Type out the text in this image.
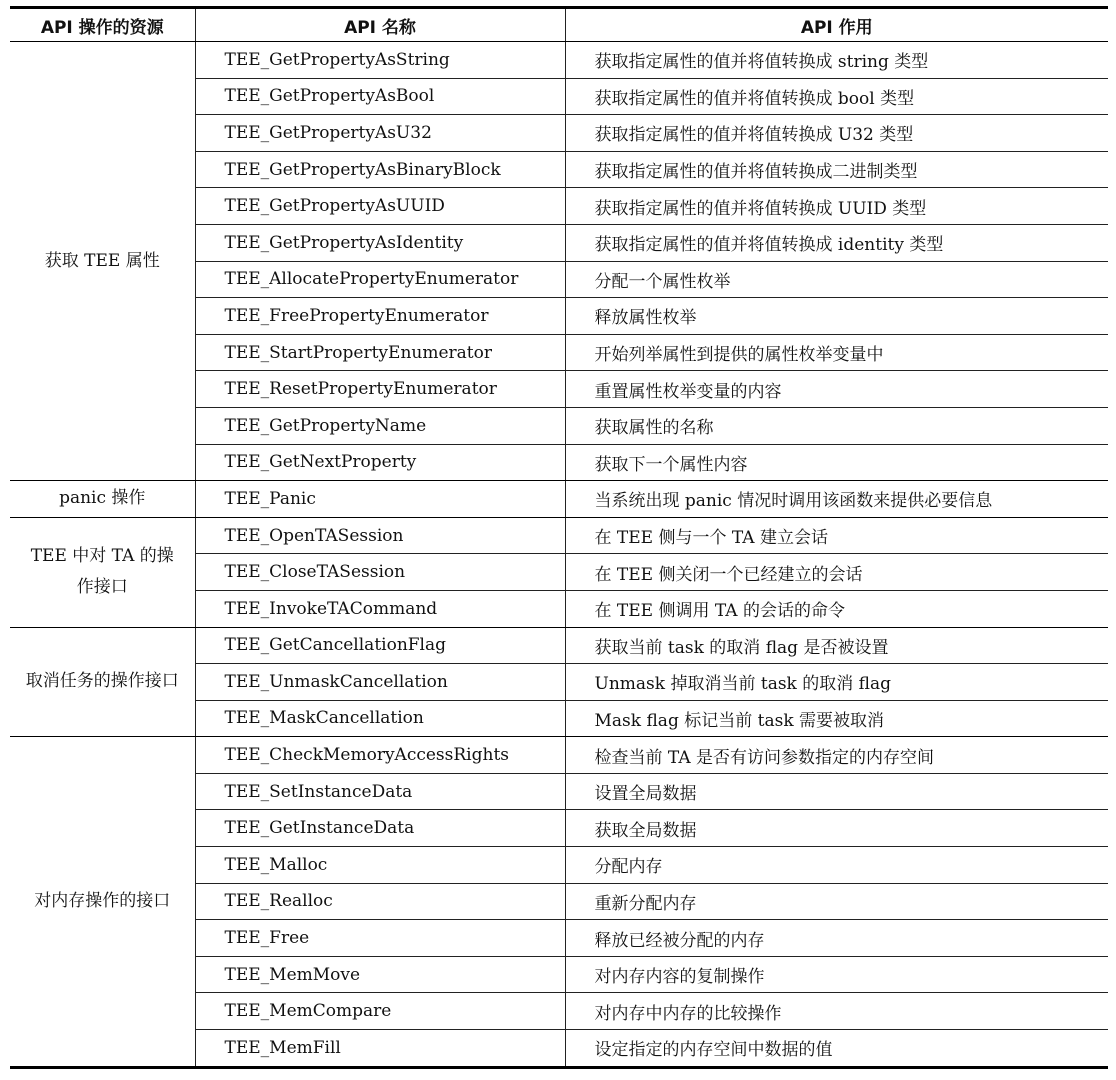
API 操作的资源	API 名称	API 作用
获取 TEE 属性	TEE_GetPropertyAsString	获取指定属性的值并将值转换成 string 类型
	TEE_GetPropertyAsBool	获取指定属性的值并将值转换成 bool 类型
	TEE_GetPropertyAsU32	获取指定属性的值并将值转换成 U32 类型
	TEE_GetPropertyAsBinaryBlock	获取指定属性的值并将值转换成二进制类型
	TEE_GetPropertyAsUUID	获取指定属性的值并将值转换成 UUID 类型
	TEE_GetPropertyAsIdentity	获取指定属性的值并将值转换成 identity 类型
	TEE_AllocatePropertyEnumerator	分配一个属性枚举
	TEE_FreePropertyEnumerator	释放属性枚举
	TEE_StartPropertyEnumerator	开始列举属性到提供的属性枚举变量中
	TEE_ResetPropertyEnumerator	重置属性枚举变量的内容
	TEE_GetPropertyName	获取属性的名称
	TEE_GetNextProperty	获取下一个属性内容
panic 操作	TEE_Panic	当系统出现 panic 情况时调用该函数来提供必要信息
TEE 中对 TA 的操作接口	TEE_OpenTASession	在 TEE 侧与一个 TA 建立会话
	TEE_CloseTASession	在 TEE 侧关闭一个已经建立的会话
	TEE_InvokeTACommand	在 TEE 侧调用 TA 的会话的命令
取消任务的操作接口	TEE_GetCancellationFlag	获取当前 task 的取消 flag 是否被设置
	TEE_UnmaskCancellation	Unmask 掉取消当前 task 的取消 flag
	TEE_MaskCancellation	Mask flag 标记当前 task 需要被取消
对内存操作的接口	TEE_CheckMemoryAccessRights	检查当前 TA 是否有访问参数指定的内存空间
	TEE_SetInstanceData	设置全局数据
	TEE_GetInstanceData	获取全局数据
	TEE_Malloc	分配内存
	TEE_Realloc	重新分配内存
	TEE_Free	释放已经被分配的内存
	TEE_MemMove	对内存内容的复制操作
	TEE_MemCompare	对内存中内存的比较操作
	TEE_MemFill	设定指定的内存空间中数据的值
